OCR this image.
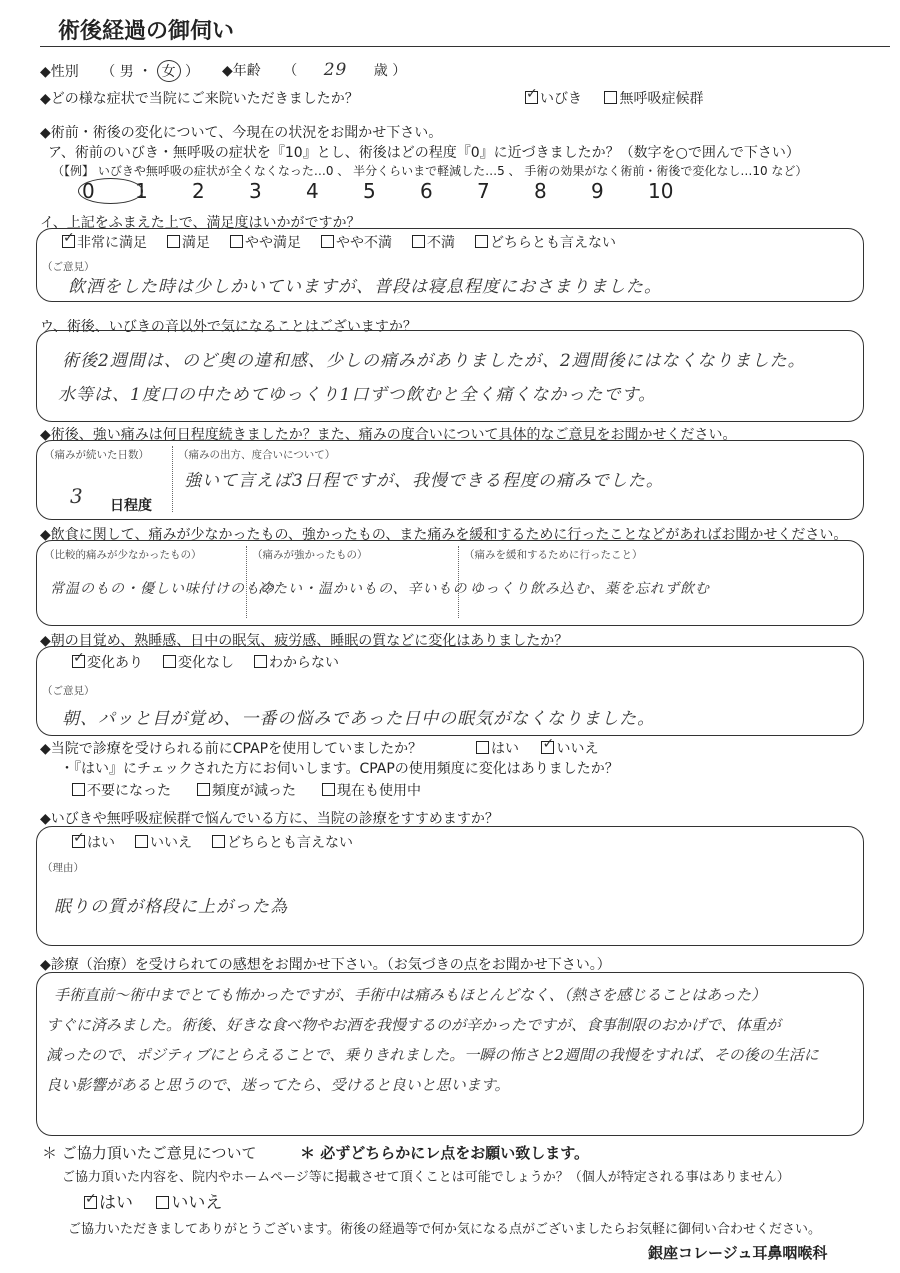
術後経過の御伺い
◆性別 （ 男 ・ 女 ） ◆年齢 （ 29 歳 ）
◆どの様な症状で当院にご来院いただきましたか？ ✓	いびき	無呼吸症候群
◆術前・術後の変化について、今現在の状況をお聞かせ下さい。
ア、術前のいびき・無呼吸の症状を『10』とし、術後はどの程度『0』に近づきましたか？（数字を○で囲んで下さい）
（【例】 いびきや無呼吸の症状が全くなくなった…0 、 半分くらいまで軽減した…5 、 手術の効果がなく術前・術後で変化なし…10 など）
0 1 2 3 4 5 6 7 8 9 10
イ、上記をふまえた上で、満足度はいかがですか？
✓非常に満足	満足	やや満足	やや不満	不満	どちらとも言えない
（ご意見）
飲酒をした時は少しかいていますが、普段は寝息程度におさまりました。
ウ、術後、いびきの音以外で気になることはございますか？
術後2週間は、のど奥の違和感、少しの痛みがありましたが、2週間後にはなくなりました。
水等は、1度口の中ためてゆっくり1口ずつ飲むと全く痛くなかったです。
◆術後、強い痛みは何日程度続きましたか？また、痛みの度合いについて具体的なご意見をお聞かせください。
（痛みが続いた日数）
3 日程度
（痛みの出方、度合いについて）
強いて言えば3日程ですが、我慢できる程度の痛みでした。
◆飲食に関して、痛みが少なかったもの、強かったもの、また痛みを緩和するために行ったことなどがあればお聞かせください。
（比較的痛みが少なかったもの）
常温のもの・優しい味付けのもの
（痛みが強かったもの）
冷たい・温かいもの、辛いもの
（痛みを緩和するために行ったこと）
ゆっくり飲み込む、薬を忘れず飲む
◆朝の目覚め、熟睡感、日中の眠気、疲労感、睡眠の質などに変化はありましたか？
✓変化あり	変化なし	わからない
（ご意見）
朝、パッと目が覚め、一番の悩みであった日中の眠気がなくなりました。
◆当院で診療を受けられる前にCPAPを使用していましたか？	はい ✓	いいえ
・『はい』にチェックされた方にお伺いします。CPAPの使用頻度に変化はありましたか？
不要になった	頻度が減った	現在も使用中
◆いびきや無呼吸症候群で悩んでいる方に、当院の診療をすすめますか？
✓はい	いいえ	どちらとも言えない
（理由）
眠りの質が格段に上がった為
◆診療（治療）を受けられての感想をお聞かせ下さい。（お気づきの点をお聞かせ下さい。）
手術直前〜術中までとても怖かったですが、手術中は痛みもほとんどなく、（熱さを感じることはあった）
すぐに済みました。術後、好きな食べ物やお酒を我慢するのが辛かったですが、食事制限のおかげで、体重が
減ったので、ポジティブにとらえることで、乗りきれました。一瞬の怖さと2週間の我慢をすれば、その後の生活に
良い影響があると思うので、迷ってたら、受けると良いと思います。
＊ ご協力頂いたご意見について	＊ 必ずどちらかにレ点をお願い致します。
ご協力頂いた内容を、院内やホームページ等に掲載させて頂くことは可能でしょうか？（個人が特定される事はありません）
✓はい いいえ
ご協力いただきましてありがとうございます。術後の経過等で何か気になる点がございましたらお気軽に御伺い合わせください。
銀座コレージュ耳鼻咽喉科
